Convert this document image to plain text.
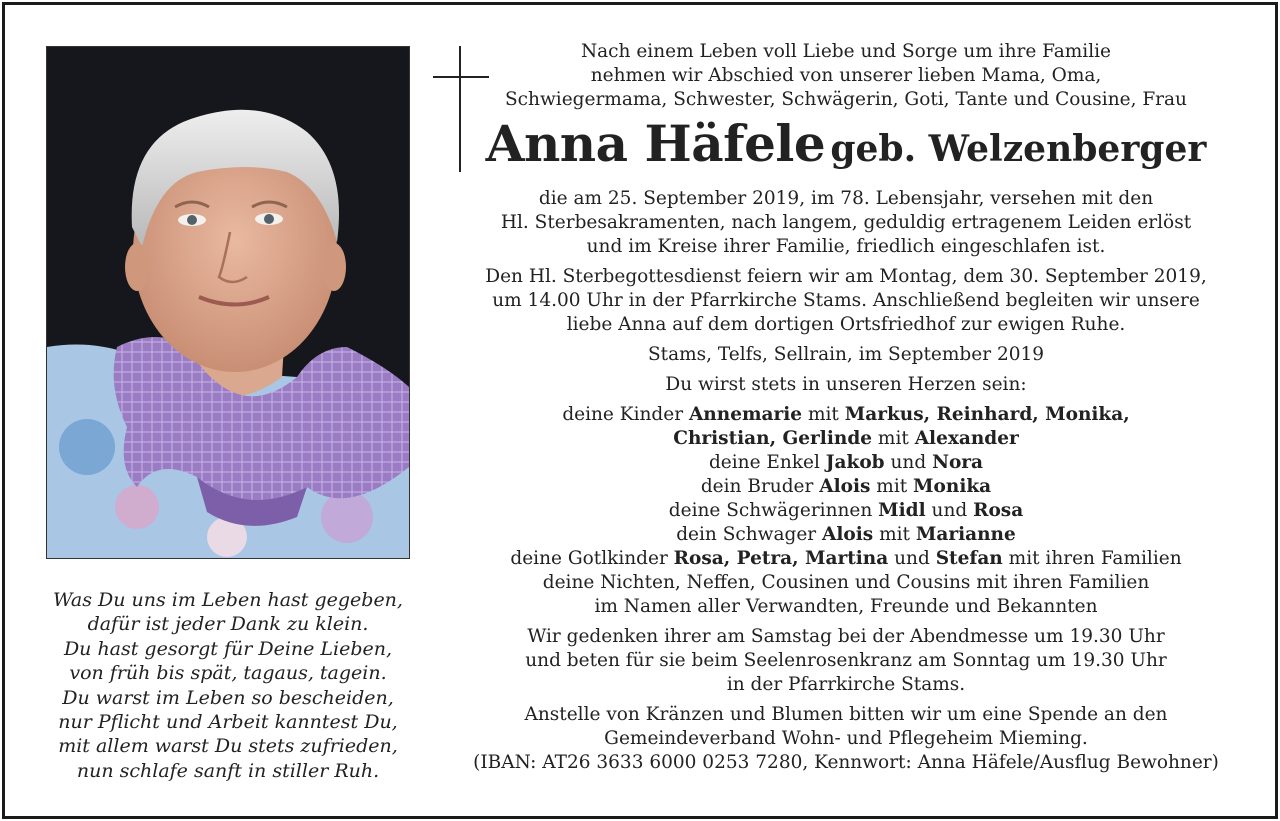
Was Du uns im Leben hast gegeben,
dafür ist jeder Dank zu klein.
Du hast gesorgt für Deine Lieben,
von früh bis spät, tagaus, tagein.
Du warst im Leben so bescheiden,
nur Pflicht und Arbeit kanntest Du,
mit allem warst Du stets zufrieden,
nun schlafe sanft in stiller Ruh.
Nach einem Leben voll Liebe und Sorge um ihre Familie
nehmen wir Abschied von unserer lieben Mama, Oma,
Schwiegermama, Schwester, Schwägerin, Goti, Tante und Cousine, Frau
Anna Häfele geb. Welzenberger
die am 25. September 2019, im 78. Lebensjahr, versehen mit den
Hl. Sterbesakramenten, nach langem, geduldig ertragenem Leiden erlöst
und im Kreise ihrer Familie, friedlich eingeschlafen ist.
Den Hl. Sterbegottesdienst feiern wir am Montag, dem 30. September 2019,
um 14.00 Uhr in der Pfarrkirche Stams. Anschließend begleiten wir unsere
liebe Anna auf dem dortigen Ortsfriedhof zur ewigen Ruhe.
Stams, Telfs, Sellrain, im September 2019
Du wirst stets in unseren Herzen sein:
deine Kinder Annemarie mit Markus, Reinhard, Monika,
Christian, Gerlinde mit Alexander
deine Enkel Jakob und Nora
dein Bruder Alois mit Monika
deine Schwägerinnen Midl und Rosa
dein Schwager Alois mit Marianne
deine Gotlkinder Rosa, Petra, Martina und Stefan mit ihren Familien
deine Nichten, Neffen, Cousinen und Cousins mit ihren Familien
im Namen aller Verwandten, Freunde und Bekannten
Wir gedenken ihrer am Samstag bei der Abendmesse um 19.30 Uhr
und beten für sie beim Seelenrosenkranz am Sonntag um 19.30 Uhr
in der Pfarrkirche Stams.
Anstelle von Kränzen und Blumen bitten wir um eine Spende an den
Gemeindeverband Wohn- und Pflegeheim Mieming.
(IBAN: AT26 3633 6000 0253 7280, Kennwort: Anna Häfele/Ausflug Bewohner)
